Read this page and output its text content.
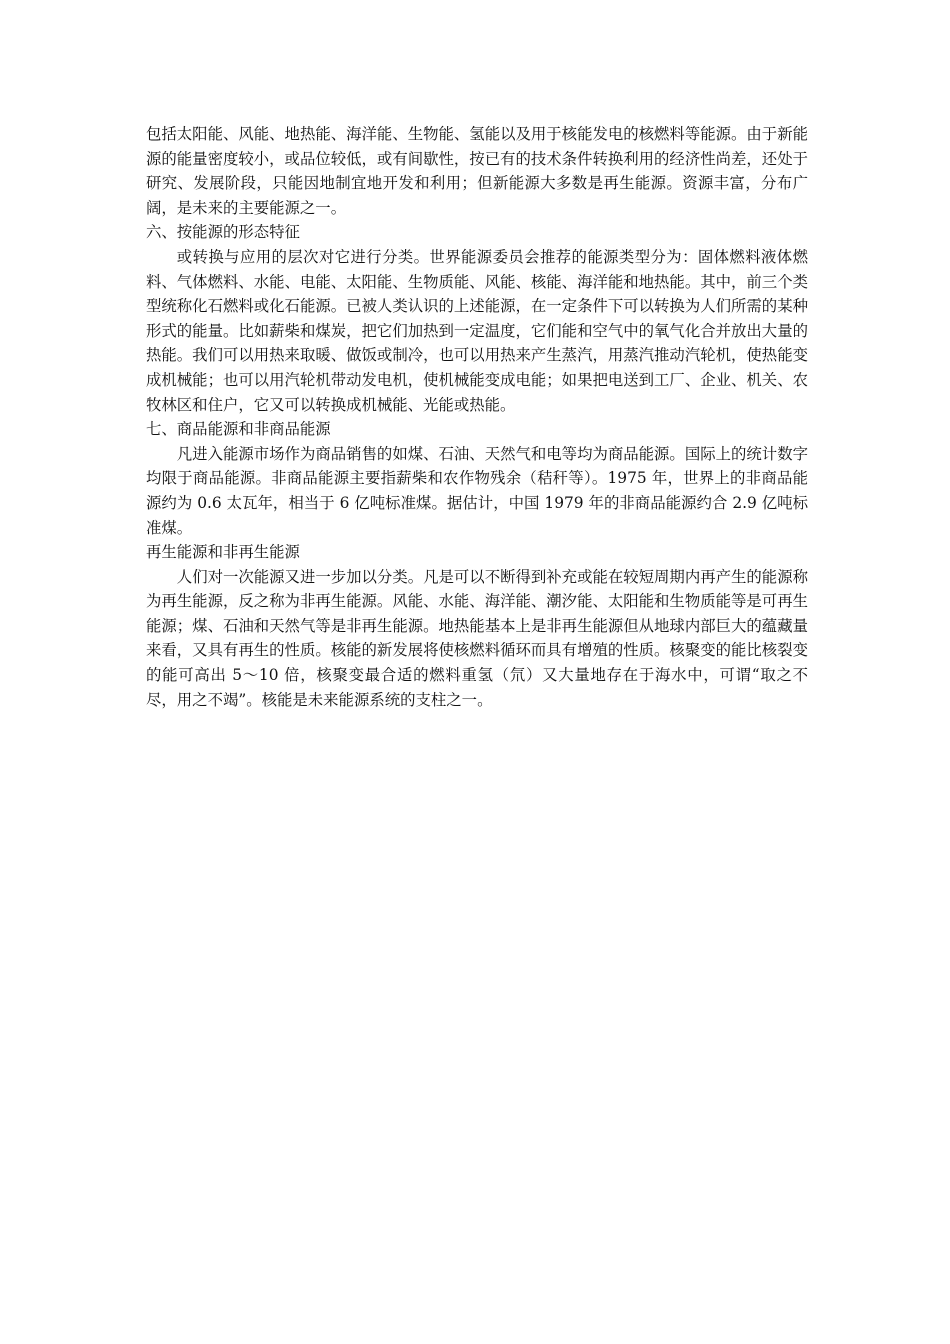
包括太阳能、风能、地热能、海洋能、生物能、氢能以及用于核能发电的核燃料等能源。由于新能源的能量密度较小，或品位较低，或有间歇性，按已有的技术条件转换利用的经济性尚差，还处于研究、发展阶段，只能因地制宜地开发和利用；但新能源大多数是再生能源。资源丰富，分布广阔，是未来的主要能源之一。

六、按能源的形态特征

或转换与应用的层次对它进行分类。世界能源委员会推荐的能源类型分为：固体燃料液体燃料、气体燃料、水能、电能、太阳能、生物质能、风能、核能、海洋能和地热能。其中，前三个类型统称化石燃料或化石能源。已被人类认识的上述能源，在一定条件下可以转换为人们所需的某种形式的能量。比如薪柴和煤炭，把它们加热到一定温度，它们能和空气中的氧气化合并放出大量的热能。我们可以用热来取暖、做饭或制冷，也可以用热来产生蒸汽，用蒸汽推动汽轮机，使热能变成机械能；也可以用汽轮机带动发电机，使机械能变成电能；如果把电送到工厂、企业、机关、农牧林区和住户，它又可以转换成机械能、光能或热能。

七、商品能源和非商品能源

凡进入能源市场作为商品销售的如煤、石油、天然气和电等均为商品能源。国际上的统计数字均限于商品能源。非商品能源主要指薪柴和农作物残余（秸秆等）。1975 年，世界上的非商品能源约为 0.6 太瓦年，相当于 6 亿吨标准煤。据估计，中国 1979 年的非商品能源约合 2.9 亿吨标准煤。

再生能源和非再生能源

人们对一次能源又进一步加以分类。凡是可以不断得到补充或能在较短周期内再产生的能源称为再生能源，反之称为非再生能源。风能、水能、海洋能、潮汐能、太阳能和生物质能等是可再生能源；煤、石油和天然气等是非再生能源。地热能基本上是非再生能源但从地球内部巨大的蕴藏量来看，又具有再生的性质。核能的新发展将使核燃料循环而具有增殖的性质。核聚变的能比核裂变的能可高出 5～10 倍，核聚变最合适的燃料重氢（氘）又大量地存在于海水中，可谓“取之不尽，用之不竭”。核能是未来能源系统的支柱之一。
